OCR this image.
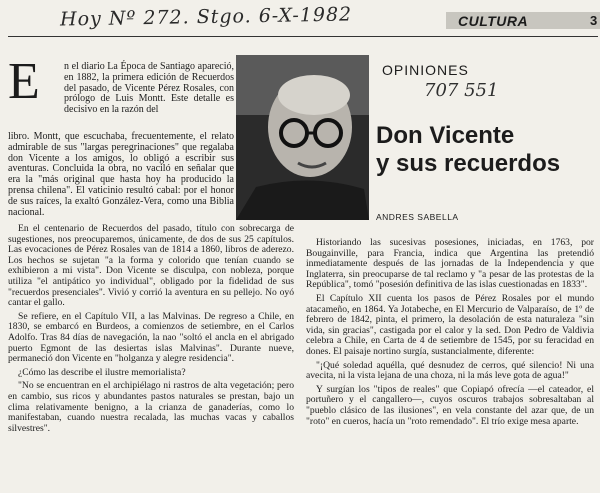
Hoy Nº 272. Stgo. 6-X-1982	CULTURA	3
E n el diario La Época de Santiago apareció, en 1882, la primera edición de Recuerdos del pasado, de Vicente Pérez Rosales, con prólogo de Luis Montt. Este detalle es decisivo en la razón del
libro. Montt, que escuchaba, frecuentemente, el relato admirable de sus "largas peregrinaciones" que regalaba don Vicente a los amigos, lo obligó a escribir sus aventuras. Concluida la obra, no vaciló en señalar que era la "más original que hasta hoy ha producido la prensa chilena". El vaticinio resultó cabal: por el honor de sus raíces, la exaltó González-Vera, como una Biblia nacional.
OPINIONES
707 551
Don Vicente
y sus recuerdos
ANDRES SABELLA

En el centenario de Recuerdos del pasado, título con sobrecarga de sugestiones, nos preocuparemos, únicamente, de dos de sus 25 capítulos. Las evocaciones de Pérez Rosales van de 1814 a 1860, libros de aderezo. Los hechos se sujetan "a la forma y colorido que tenían cuando se exhibieron a mi vista". Don Vicente se disculpa, con nobleza, porque utiliza "el antipático yo individual", obligado por la fidelidad de sus "recuerdos presenciales". Vivió y corrió la aventura en su pellejo. No oyó cantar el gallo.

Se refiere, en el Capítulo VII, a las Malvinas. De regreso a Chile, en 1830, se embarcó en Burdeos, a comienzos de setiembre, en el Carlos Adolfo. Tras 84 días de navegación, la nao "soltó el ancla en el abrigado puerto Egmont de las desiertas islas Malvinas". Durante nueve, permaneció don Vicente en "holganza y alegre residencia".

¿Cómo las describe el ilustre memorialista?

"No se encuentran en el archipiélago ni rastros de alta vegetación; pero en cambio, sus ricos y abundantes pastos naturales se prestan, bajo un clima relativamente benigno, a la crianza de ganaderías, como lo manifestaban, cuando nuestra recalada, las muchas vacas y caballos silvestres".

Historiando las sucesivas posesiones, iniciadas, en 1763, por Bougainville, para Francia, indica que Argentina las pretendió inmediatamente después de las jornadas de la Independencia y que Inglaterra, sin preocuparse de tal reclamo y "a pesar de las protestas de la República", tomó "posesión definitiva de las islas cuestionadas en 1833".

El Capítulo XII cuenta los pasos de Pérez Rosales por el mundo atacameño, en 1864. Ya Jotabeche, en El Mercurio de Valparaíso, de 1º de febrero de 1842, pinta, el primero, la desolación de esta naturaleza "sin vida, sin gracias", castigada por el calor y la sed. Don Pedro de Valdivia celebra a Chile, en Carta de 4 de setiembre de 1545, por su feracidad en dones. El paisaje nortino surgía, sustancialmente, diferente:

"¡Qué soledad aquélla, qué desnudez de cerros, qué silencio! Ni una avecita, ni la vista lejana de una choza, ni la más leve gota de agua!"

Y surgían los "tipos de reales" que Copiapó ofrecía —el cateador, el portuñero y el cangallero—, cuyos oscuros trabajos sobresaltaban al "pueblo clásico de las ilusiones", en vela constante del azar que, de un "roto" en cueros, hacía un "roto remendado". El trío exige mesa aparte.
